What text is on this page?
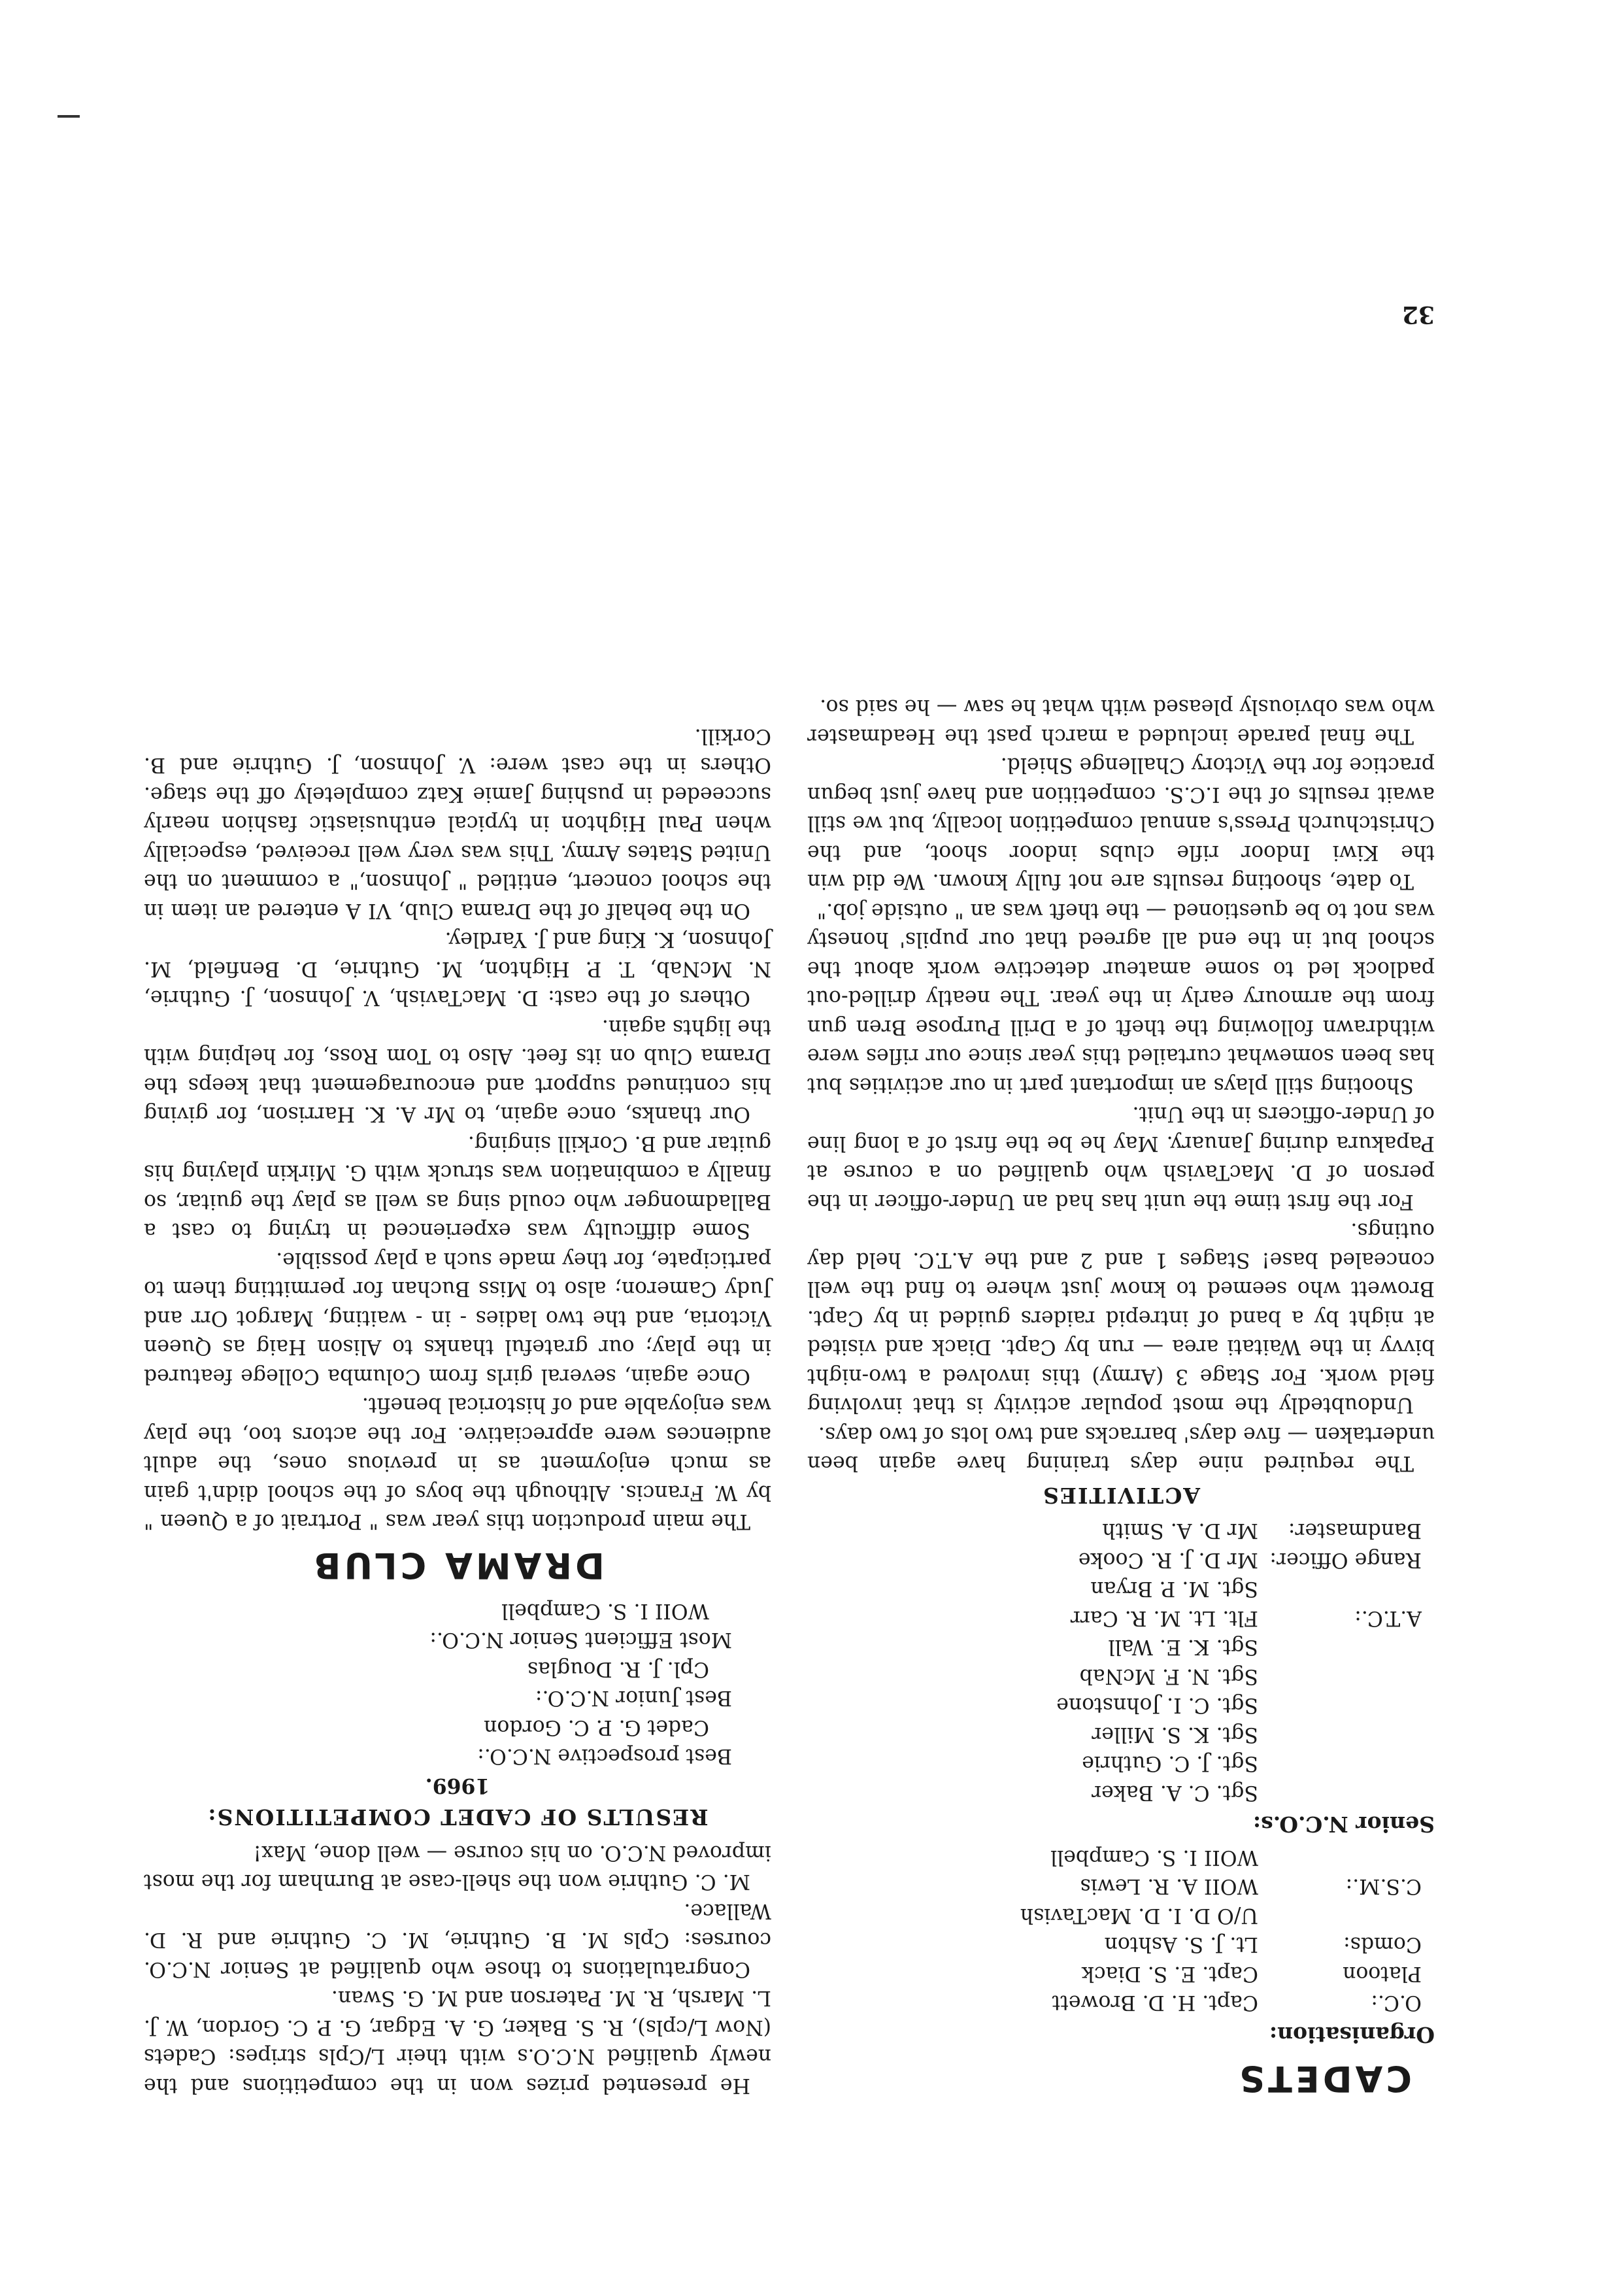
CADETS
Organisation:
O.C.:
Capt. H. D. Browett
Platoon Comds:
Capt. E. S. Diack
Lt. J. S. Ashton
U/O D. I. D. MacTavish
C.S.M.:
WOII A. R. Lewis
WOII I. S. Campbell
Senior N.C.O.s:
Sgt. C. A. Baker
Sgt. J. C. Guthrie
Sgt. K. S. Miller
Sgt. C. I. Johnstone
Sgt. N. F. McNab
Sgt. K. E. Wall
A.T.C.:
Flt. Lt. M. R. Carr
Sgt. M. P. Bryan
Range Officer:
Mr D. J. R. Cooke
Bandmaster:
Mr D. A. Smith
ACTIVITIES

The required nine days training have again been undertaken — five days' barracks and two lots of two days.

Undoubtedly the most popular activity is that involving field work. For Stage 3 (Army) this involved a two-night bivvy in the Waitati area — run by Capt. Diack and visited at night by a band of intrepid raiders guided in by Capt. Browett who seemed to know just where to find the well concealed base! Stages 1 and 2 and the A.T.C. held day outings.

For the first time the unit has had an Under-officer in the person of D. MacTavish who qualified on a course at Papakura during January. May he be the first of a long line of Under-officers in the Unit.

Shooting still plays an important part in our activities but has been somewhat curtailed this year since our rifles were withdrawn following the theft of a Drill Purpose Bren gun from the armoury early in the year. The neatly drilled-out padlock led to some amateur detective work about the school but in the end all agreed that our pupils' honesty was not to be questioned — the theft was an " outside job."

To date, shooting results are not fully known. We did win the Kiwi Indoor rifle clubs indoor shoot, and the Christchurch Press's annual competition locally, but we still await results of the I.C.S. competition and have just begun practice for the Victory Challenge Shield.

The final parade included a march past the Headmaster who was obviously pleased with what he saw — he said so.

He presented prizes won in the competitions and the newly qualified N.C.O.s with their L/Cpls stripes: Cadets (Now L/cpls), R. S. Baker, G. A. Edgar, G. P. C. Gordon, W. J. L. Marsh, R. M. Paterson and M. G. Swan.

Congratulations to those who qualified at Senior N.C.O. courses: Cpls M. B. Guthrie, M. C. Guthrie and R. D. Wallace.

M. C. Guthrie won the shell-case at Burnham for the most improved N.C.O. on his course — well done, Max!

RESULTS OF CADET COMPETITIONS:
1969.
Best prospective N.C.O.:
Cadet G. P. C. Gordon
Best Junior N.C.O.:
Cpl. J. R. Douglas
Most Efficient Senior N.C.O.:
WOII I. S. Campbell
DRAMA CLUB

The main production this year was " Portrait of a Queen " by W. Francis. Although the boys of the school didn't gain as much enjoyment as in previous ones, the adult audiences were appreciative. For the actors too, the play was enjoyable and of historical benefit.

Once again, several girls from Columba College featured in the play; our grateful thanks to Alison Haig as Queen Victoria, and the two ladies - in - waiting, Margot Orr and Judy Cameron; also to Miss Buchan for permitting them to participate, for they made such a play possible.

Some difficulty was experienced in trying to cast a Balladmonger who could sing as well as play the guitar, so finally a combination was struck with G. Mirkin playing his guitar and B. Corkill singing.

Our thanks, once again, to Mr A. K. Harrison, for giving his continued support and encouragement that keeps the Drama Club on its feet. Also to Tom Ross, for helping with the lights again.

Others of the cast: D. MacTavish, V. Johnson, J. Guthrie, N. McNab, T. P. Highton, M. Guthrie, D. Benfield, M. Johnson, K. King and J. Yardley.

On the behalf of the Drama Club, VI A entered an item in the school concert, entitled " Johnson," a comment on the United States Army. This was very well received, especially when Paul Highton in typical enthusiastic fashion nearly succeeded in pushing Jamie Katz completely off the stage. Others in the cast were: V. Johnson, J. Guthrie and B. Corkill.

32
